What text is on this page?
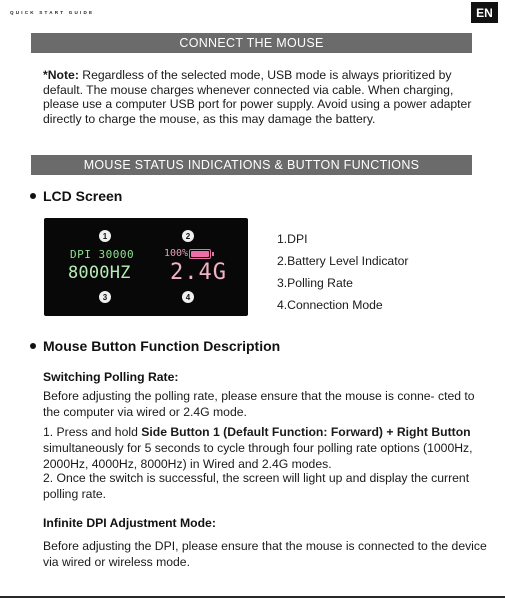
QUICK START GUIDE	EN
CONNECT THE MOUSE

*Note: Regardless of the selected mode, USB mode is always prioritized by default. The mouse charges whenever connected via cable. When charging, please use a computer USB port for power supply. Avoid using a power adapter directly to charge the mouse, as this may damage the battery.

MOUSE STATUS INDICATIONS & BUTTON FUNCTIONS
LCD Screen
1	2
DPI 30000	100%
8000HZ 2.4G
3	4
1.DPI
2.Battery Level Indicator
3.Polling Rate
4.Connection Mode
Mouse Button Function Description
Switching Polling Rate:

Before adjusting the polling rate, please ensure that the mouse is conne- cted to the computer via wired or 2.4G mode.

1. Press and hold Side Button 1 (Default Function: Forward) + Right Button simultaneously for 5 seconds to cycle through four polling rate options (1000Hz, 2000Hz, 4000Hz, 8000Hz) in Wired and 2.4G modes.

2. Once the switch is successful, the screen will light up and display the current polling rate.

Infinite DPI Adjustment Mode:

Before adjusting the DPI, please ensure that the mouse is connected to the device via wired or wireless mode.
